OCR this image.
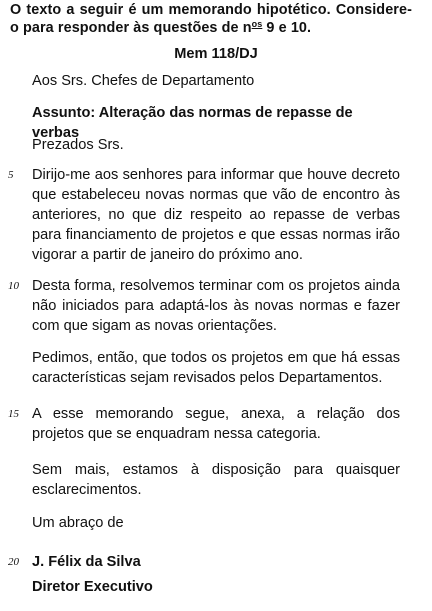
O texto a seguir é um memorando hipotético. Considere-o para responder às questões de $n^{os}$ 9 e 10.
Mem 118/DJ
Aos Srs. Chefes de Departamento
Assunto: Alteração das normas de repasse de verbas
Prezados Srs.
5	Dirijo-me aos senhores para informar que houve decreto que estabeleceu novas normas que vão de encontro às anteriores, no que diz respeito ao repasse de verbas para financiamento de projetos e que essas normas irão vigorar a partir de janeiro do próximo ano.
10 Desta forma, resolvemos terminar com os projetos ainda não iniciados para adaptá-los às novas normas e fazer com que sigam as novas orientações.
Pedimos, então, que todos os projetos em que há essas características sejam revisados pelos Departamentos.
15 A esse memorando segue, anexa, a relação dos projetos que se enquadram nessa categoria.
Sem mais, estamos à disposição para quaisquer esclarecimentos.
Um abraço de
20 J. Félix da Silva
Diretor Executivo
